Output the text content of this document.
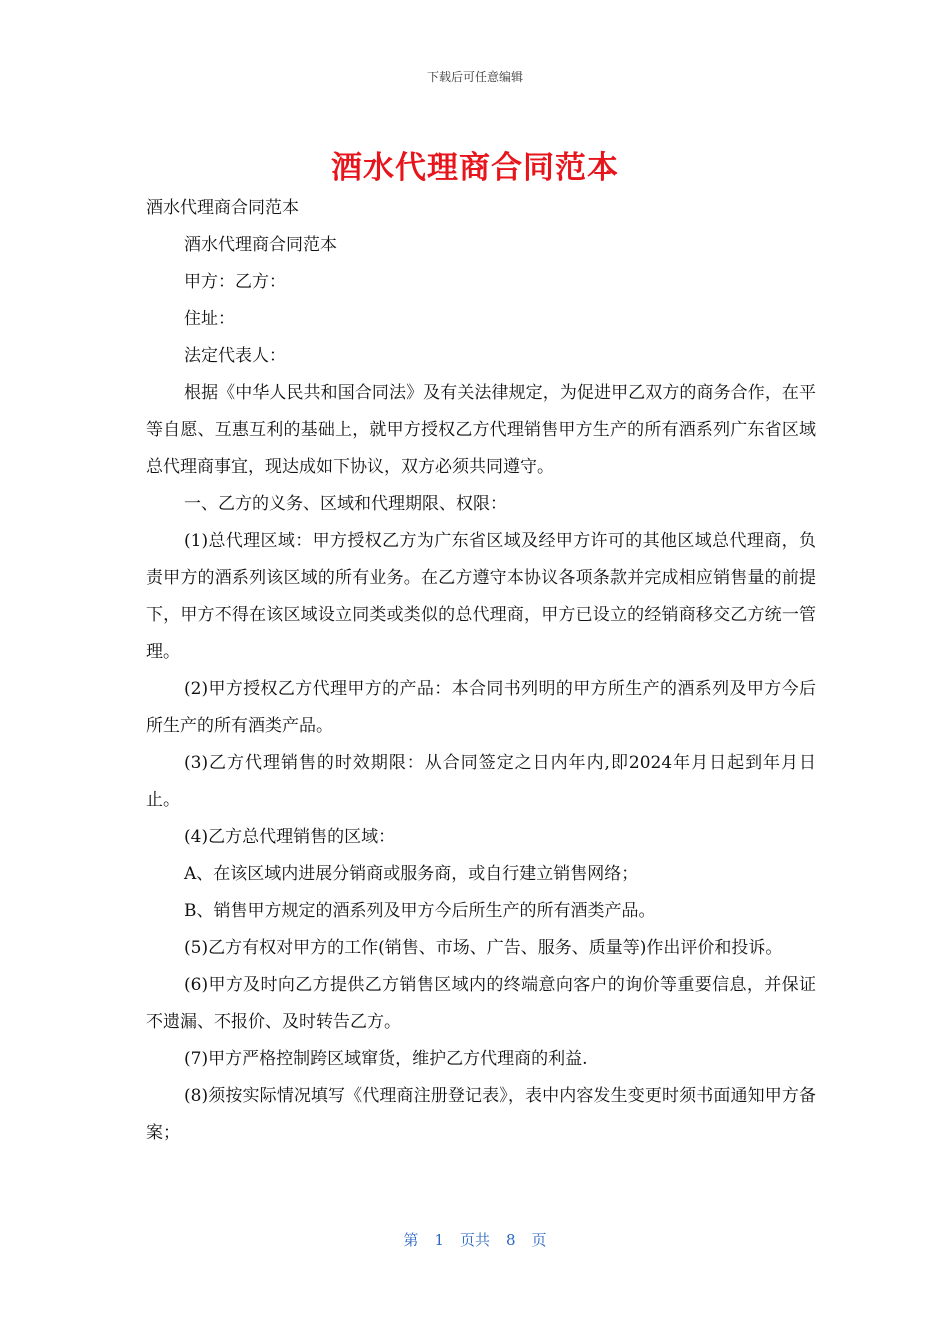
下载后可任意编辑
酒水代理商合同范本

酒水代理商合同范本

酒水代理商合同范本

甲方：乙方：

住址：

法定代表人：

根据《中华人民共和国合同法》及有关法律规定，为促进甲乙双方的商务合作，在平等自愿、互惠互利的基础上，就甲方授权乙方代理销售甲方生产的所有酒系列广东省区域总代理商事宜，现达成如下协议，双方必须共同遵守。

一、乙方的义务、区域和代理期限、权限：

(1)总代理区域：甲方授权乙方为广东省区域及经甲方许可的其他区域总代理商，负责甲方的酒系列该区域的所有业务。在乙方遵守本协议各项条款并完成相应销售量的前提下，甲方不得在该区域设立同类或类似的总代理商，甲方已设立的经销商移交乙方统一管理。

(2)甲方授权乙方代理甲方的产品：本合同书列明的甲方所生产的酒系列及甲方今后所生产的所有酒类产品。

(3)乙方代理销售的时效期限：从合同签定之日内年内,即2024年月日起到年月日止。

(4)乙方总代理销售的区域：

A、在该区域内进展分销商或服务商，或自行建立销售网络；

B、销售甲方规定的酒系列及甲方今后所生产的所有酒类产品。

(5)乙方有权对甲方的工作(销售、市场、广告、服务、质量等)作出评价和投诉。

(6)甲方及时向乙方提供乙方销售区域内的终端意向客户的询价等重要信息，并保证不遗漏、不报价、及时转告乙方。

(7)甲方严格控制跨区域窜货，维护乙方代理商的利益.

(8)须按实际情况填写《代理商注册登记表》，表中内容发生变更时须书面通知甲方备案；

第 1 页共 8 页
